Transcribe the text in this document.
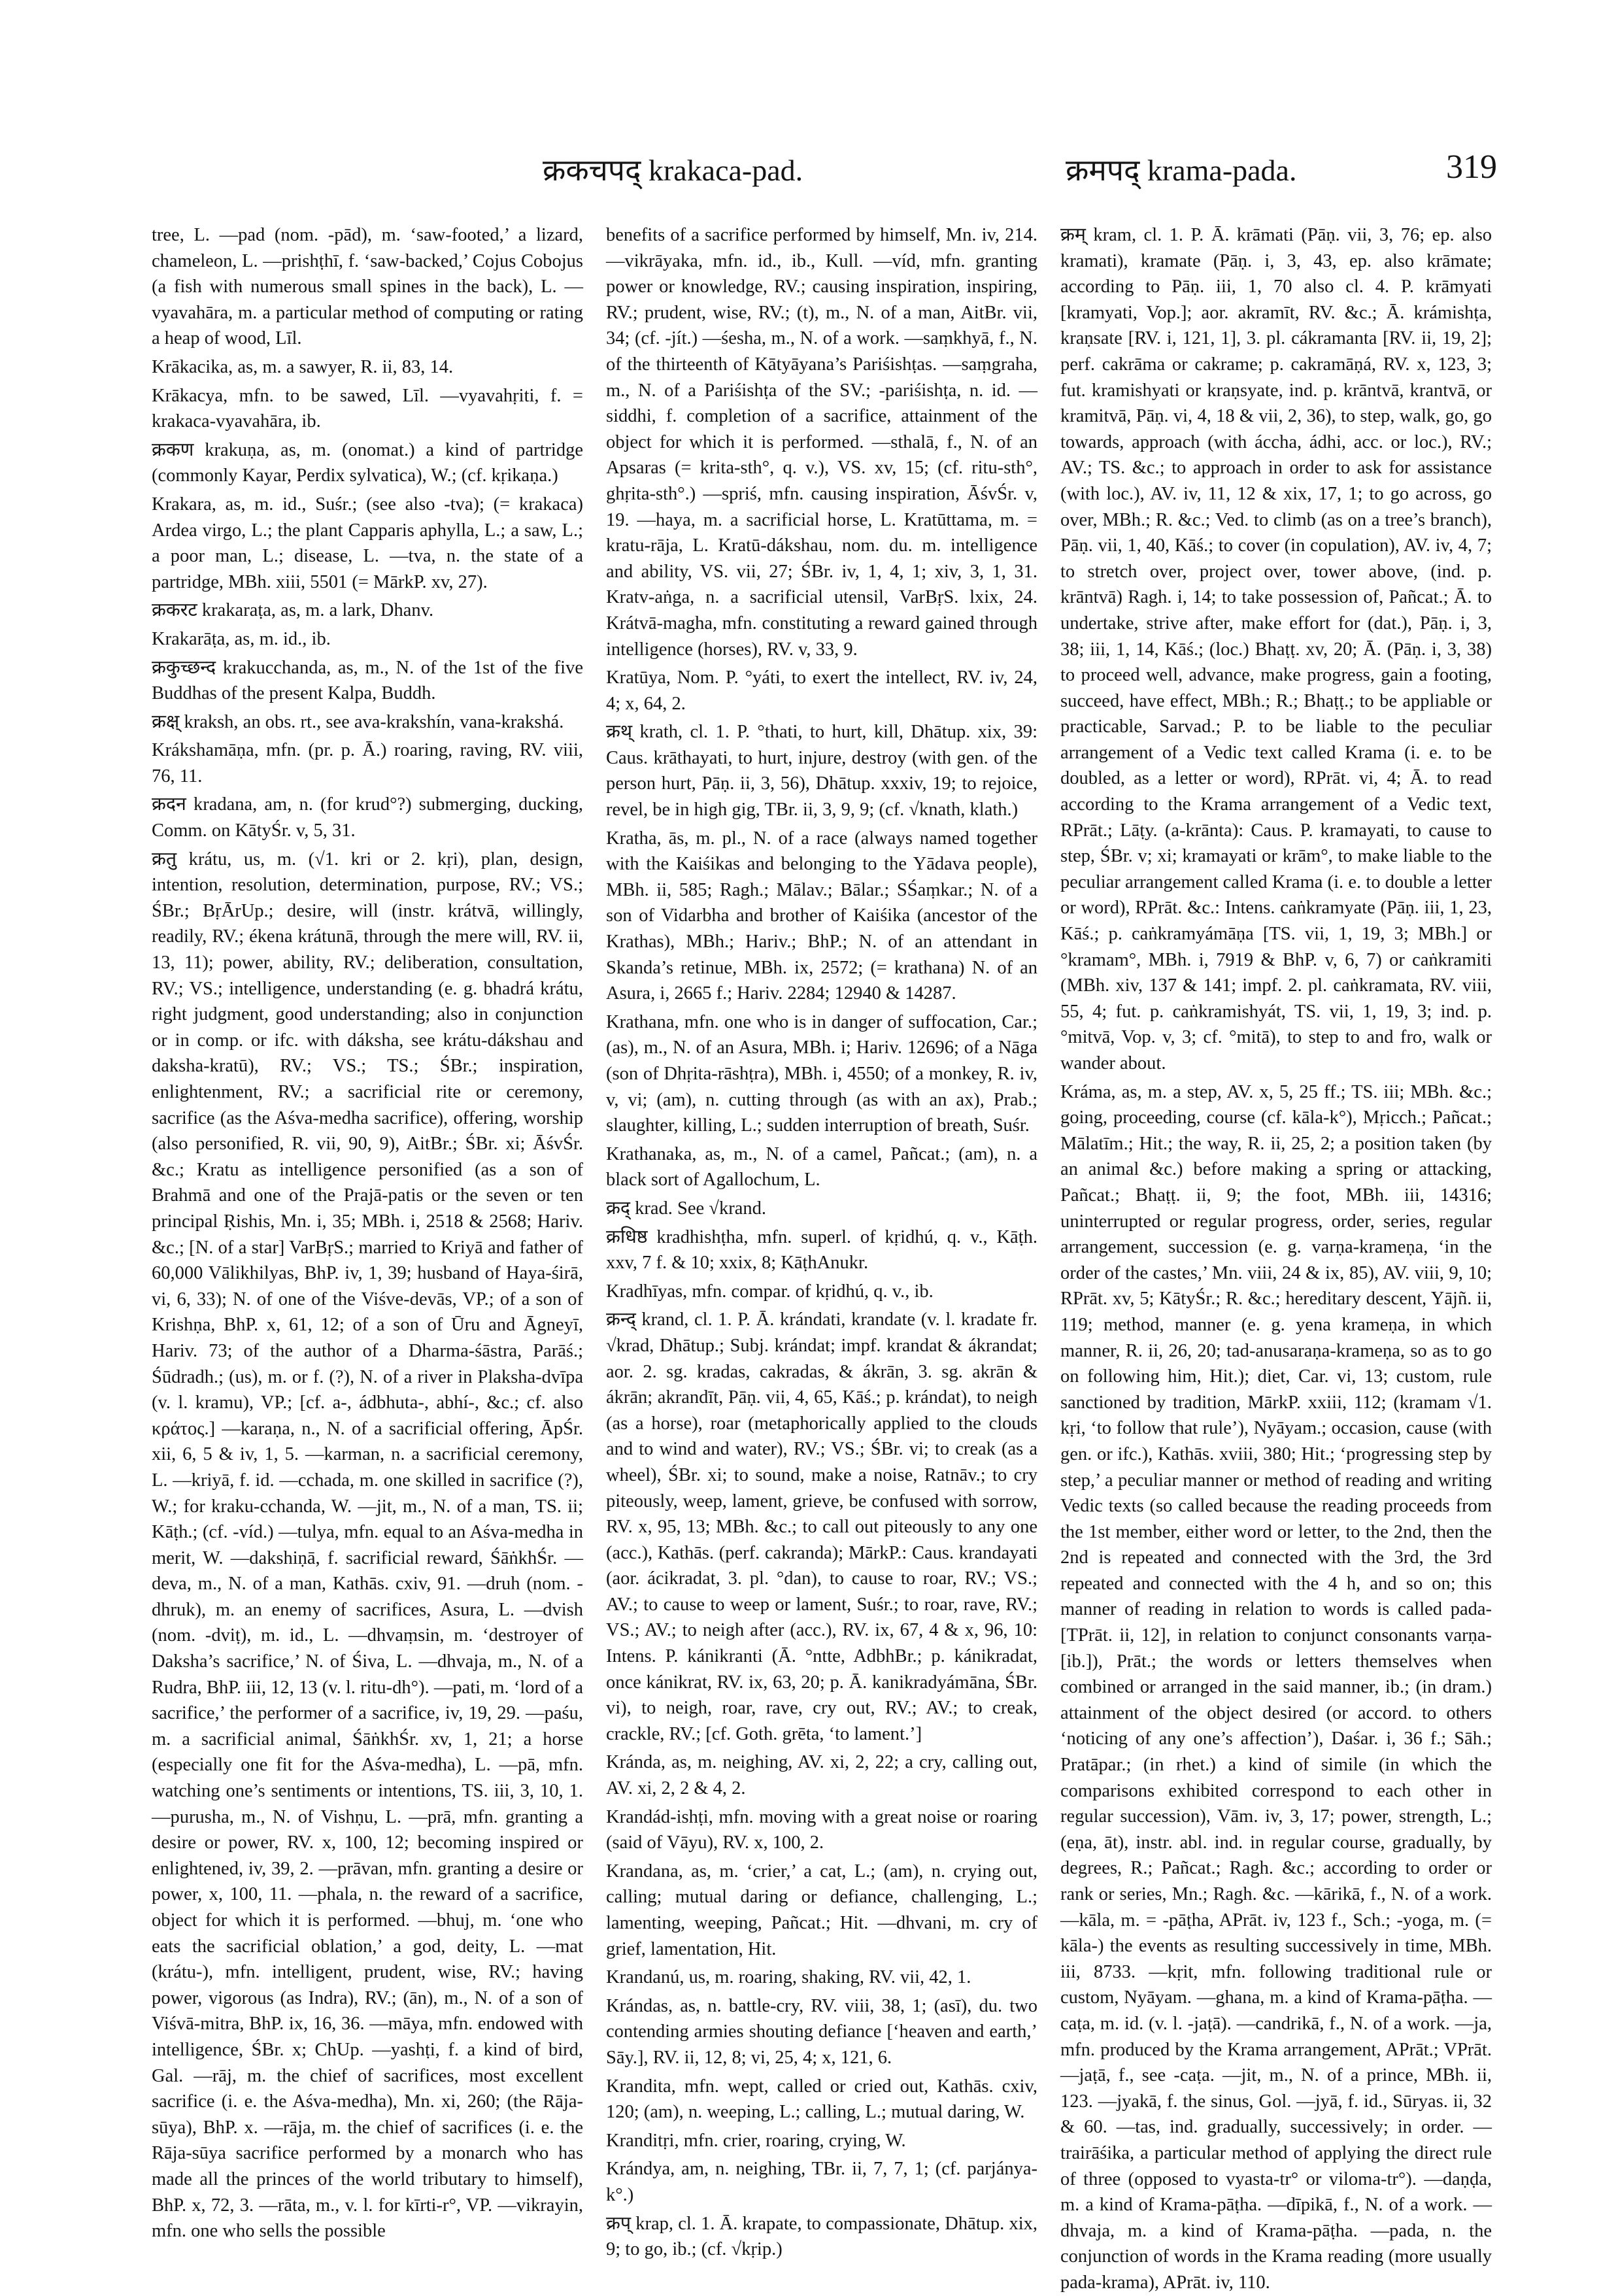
क्रकचपद् krakaca-pad.	क्रमपद् krama-pada.	319

tree, L. —pad (nom. -pād), m. ‘saw-footed,’ a lizard, chameleon, L. —prishṭhī, f. ‘saw-backed,’ Cojus Cobojus (a fish with numerous small spines in the back), L. —vyavahāra, m. a particular method of computing or rating a heap of wood, Līl.

Krākacika, as, m. a sawyer, R. ii, 83, 14.

Krākacya, mfn. to be sawed, Līl. —vyavahṛiti, f. = krakaca-vyavahāra, ib.

क्रकण krakuṇa, as, m. (onomat.) a kind of partridge (commonly Kayar, Perdix sylvatica), W.; (cf. kṛikaṇa.)

Krakara, as, m. id., Suśr.; (see also -tva); (= krakaca) Ardea virgo, L.; the plant Capparis aphylla, L.; a saw, L.; a poor man, L.; disease, L. —tva, n. the state of a partridge, MBh. xiii, 5501 (= MārkP. xv, 27).

क्रकरट krakaraṭa, as, m. a lark, Dhanv.

Krakarāṭa, as, m. id., ib.

क्रकुच्छन्द krakucchanda, as, m., N. of the 1st of the five Buddhas of the present Kalpa, Buddh.

क्रक्ष् kraksh, an obs. rt., see ava-krakshín, vana-krakshá.

Krákshamāṇa, mfn. (pr. p. Ā.) roaring, raving, RV. viii, 76, 11.

क्रदन kradana, am, n. (for krud°?) submerging, ducking, Comm. on KātyŚr. v, 5, 31.

क्रतु krátu, us, m. (√1. kri or 2. kṛi), plan, design, intention, resolution, determination, purpose, RV.; VS.; ŚBr.; BṛĀrUp.; desire, will (instr. krátvā, willingly, readily, RV.; ékena krátunā, through the mere will, RV. ii, 13, 11); power, ability, RV.; deliberation, consultation, RV.; VS.; intelligence, understanding (e. g. bhadrá krátu, right judgment, good understanding; also in conjunction or in comp. or ifc. with dáksha, see krátu-dákshau and daksha-kratū), RV.; VS.; TS.; ŚBr.; inspiration, enlightenment, RV.; a sacrificial rite or ceremony, sacrifice (as the Aśva-medha sacrifice), offering, worship (also personified, R. vii, 90, 9), AitBr.; ŚBr. xi; ĀśvŚr. &c.; Kratu as intelligence personified (as a son of Brahmā and one of the Prajā-patis or the seven or ten principal Ṛishis, Mn. i, 35; MBh. i, 2518 & 2568; Hariv. &c.; [N. of a star] VarBṛS.; married to Kriyā and father of 60,000 Vālikhilyas, BhP. iv, 1, 39; husband of Haya-śirā, vi, 6, 33); N. of one of the Viśve-devās, VP.; of a son of Krishṇa, BhP. x, 61, 12; of a son of Ūru and Āgneyī, Hariv. 73; of the author of a Dharma-śāstra, Parāś.; Śūdradh.; (us), m. or f. (?), N. of a river in Plaksha-dvīpa (v. l. kramu), VP.; [cf. a-, ádbhuta-, abhí-, &c.; cf. also κράτος.] —karaṇa, n., N. of a sacrificial offering, ĀpŚr. xii, 6, 5 & iv, 1, 5. —karman, n. a sacrificial ceremony, L. —kriyā, f. id. —cchada, m. one skilled in sacrifice (?), W.; for kraku-cchanda, W. —jit, m., N. of a man, TS. ii; Kāṭh.; (cf. -víd.) —tulya, mfn. equal to an Aśva-medha in merit, W. —dakshiṇā, f. sacrificial reward, ŚāṅkhŚr. —deva, m., N. of a man, Kathās. cxiv, 91. —druh (nom. -dhruk), m. an enemy of sacrifices, Asura, L. —dvish (nom. -dviṭ), m. id., L. —dhvaṃsin, m. ‘destroyer of Daksha’s sacrifice,’ N. of Śiva, L. —dhvaja, m., N. of a Rudra, BhP. iii, 12, 13 (v. l. ritu-dh°). —pati, m. ‘lord of a sacrifice,’ the performer of a sacrifice, iv, 19, 29. —paśu, m. a sacrificial animal, ŚāṅkhŚr. xv, 1, 21; a horse (especially one fit for the Aśva-medha), L. —pā, mfn. watching one’s sentiments or intentions, TS. iii, 3, 10, 1. —purusha, m., N. of Vishṇu, L. —prā, mfn. granting a desire or power, RV. x, 100, 12; becoming inspired or enlightened, iv, 39, 2. —prāvan, mfn. granting a desire or power, x, 100, 11. —phala, n. the reward of a sacrifice, object for which it is performed. —bhuj, m. ‘one who eats the sacrificial oblation,’ a god, deity, L. —mat (krátu-), mfn. intelligent, prudent, wise, RV.; having power, vigorous (as Indra), RV.; (ān), m., N. of a son of Viśvā-mitra, BhP. ix, 16, 36. —māya, mfn. endowed with intelligence, ŚBr. x; ChUp. —yashṭi, f. a kind of bird, Gal. —rāj, m. the chief of sacrifices, most excellent sacrifice (i. e. the Aśva-medha), Mn. xi, 260; (the Rāja-sūya), BhP. x. —rāja, m. the chief of sacrifices (i. e. the Rāja-sūya sacrifice performed by a monarch who has made all the princes of the world tributary to himself), BhP. x, 72, 3. —rāta, m., v. l. for kīrti-r°, VP. —vikrayin, mfn. one who sells the possible

benefits of a sacrifice performed by himself, Mn. iv, 214. —vikrāyaka, mfn. id., ib., Kull. —víd, mfn. granting power or knowledge, RV.; causing inspiration, inspiring, RV.; prudent, wise, RV.; (t), m., N. of a man, AitBr. vii, 34; (cf. -jít.) —śesha, m., N. of a work. —saṃkhyā, f., N. of the thirteenth of Kātyāyana’s Pariśishṭas. —saṃgraha, m., N. of a Pariśishṭa of the SV.; -pariśishṭa, n. id. —siddhi, f. completion of a sacrifice, attainment of the object for which it is performed. —sthalā, f., N. of an Apsaras (= krita-sth°, q. v.), VS. xv, 15; (cf. ritu-sth°, ghṛita-sth°.) —spriś, mfn. causing inspiration, ĀśvŚr. v, 19. —haya, m. a sacrificial horse, L. Kratūttama, m. = kratu-rāja, L. Kratū-dákshau, nom. du. m. intelligence and ability, VS. vii, 27; ŚBr. iv, 1, 4, 1; xiv, 3, 1, 31. Kratv-aṅga, n. a sacrificial utensil, VarBṛS. lxix, 24. Krátvā-magha, mfn. constituting a reward gained through intelligence (horses), RV. v, 33, 9.

Kratūya, Nom. P. °yáti, to exert the intellect, RV. iv, 24, 4; x, 64, 2.

क्रथ् krath, cl. 1. P. °thati, to hurt, kill, Dhātup. xix, 39: Caus. krāthayati, to hurt, injure, destroy (with gen. of the person hurt, Pāṇ. ii, 3, 56), Dhātup. xxxiv, 19; to rejoice, revel, be in high gig, TBr. ii, 3, 9, 9; (cf. √knath, klath.)

Kratha, ās, m. pl., N. of a race (always named together with the Kaiśikas and belonging to the Yādava people), MBh. ii, 585; Ragh.; Mālav.; Bālar.; SŚaṃkar.; N. of a son of Vidarbha and brother of Kaiśika (ancestor of the Krathas), MBh.; Hariv.; BhP.; N. of an attendant in Skanda’s retinue, MBh. ix, 2572; (= krathana) N. of an Asura, i, 2665 f.; Hariv. 2284; 12940 & 14287.

Krathana, mfn. one who is in danger of suffocation, Car.; (as), m., N. of an Asura, MBh. i; Hariv. 12696; of a Nāga (son of Dhṛita-rāshṭra), MBh. i, 4550; of a monkey, R. iv, v, vi; (am), n. cutting through (as with an ax), Prab.; slaughter, killing, L.; sudden interruption of breath, Suśr.

Krathanaka, as, m., N. of a camel, Pañcat.; (am), n. a black sort of Agallochum, L.

क्रद् krad. See √krand.

क्रधिष्ठ kradhishṭha, mfn. superl. of kṛidhú, q. v., Kāṭh. xxv, 7 f. & 10; xxix, 8; KāṭhAnukr.

Kradhīyas, mfn. compar. of kṛidhú, q. v., ib.

क्रन्द् krand, cl. 1. P. Ā. krándati, krandate (v. l. kradate fr. √krad, Dhātup.; Subj. krándat; impf. krandat & ákrandat; aor. 2. sg. kradas, cakradas, & ákrān, 3. sg. akrān & ákrān; akrandīt, Pāṇ. vii, 4, 65, Kāś.; p. krándat), to neigh (as a horse), roar (metaphorically applied to the clouds and to wind and water), RV.; VS.; ŚBr. vi; to creak (as a wheel), ŚBr. xi; to sound, make a noise, Ratnāv.; to cry piteously, weep, lament, grieve, be confused with sorrow, RV. x, 95, 13; MBh. &c.; to call out piteously to any one (acc.), Kathās. (perf. cakranda); MārkP.: Caus. krandayati (aor. ácikradat, 3. pl. °dan), to cause to roar, RV.; VS.; AV.; to cause to weep or lament, Suśr.; to roar, rave, RV.; VS.; AV.; to neigh after (acc.), RV. ix, 67, 4 & x, 96, 10: Intens. P. kánikranti (Ā. °ntte, AdbhBr.; p. kánikradat, once kánikrat, RV. ix, 63, 20; p. Ā. kanikradyámāna, ŚBr. vi), to neigh, roar, rave, cry out, RV.; AV.; to creak, crackle, RV.; [cf. Goth. grēta, ‘to lament.’]

Kránda, as, m. neighing, AV. xi, 2, 22; a cry, calling out, AV. xi, 2, 2 & 4, 2.

Krandád-ishṭi, mfn. moving with a great noise or roaring (said of Vāyu), RV. x, 100, 2.

Krandana, as, m. ‘crier,’ a cat, L.; (am), n. crying out, calling; mutual daring or defiance, challenging, L.; lamenting, weeping, Pañcat.; Hit. —dhvani, m. cry of grief, lamentation, Hit.

Krandanú, us, m. roaring, shaking, RV. vii, 42, 1.

Krándas, as, n. battle-cry, RV. viii, 38, 1; (asī), du. two contending armies shouting defiance [‘heaven and earth,’ Sāy.], RV. ii, 12, 8; vi, 25, 4; x, 121, 6.

Krandita, mfn. wept, called or cried out, Kathās. cxiv, 120; (am), n. weeping, L.; calling, L.; mutual daring, W.

Kranditṛi, mfn. crier, roaring, crying, W.

Krándya, am, n. neighing, TBr. ii, 7, 7, 1; (cf. parjánya-k°.)

क्रप् krap, cl. 1. Ā. krapate, to compassionate, Dhātup. xix, 9; to go, ib.; (cf. √kṛip.)

क्रम् kram, cl. 1. P. Ā. krāmati (Pāṇ. vii, 3, 76; ep. also kramati), kramate (Pāṇ. i, 3, 43, ep. also krāmate; according to Pāṇ. iii, 1, 70 also cl. 4. P. krāmyati [kramyati, Vop.]; aor. akramīt, RV. &c.; Ā. krámishṭa, kraṇsate [RV. i, 121, 1], 3. pl. cákramanta [RV. ii, 19, 2]; perf. cakrāma or cakrame; p. cakramāṇá, RV. x, 123, 3; fut. kramishyati or kraṇsyate, ind. p. krāntvā, krantvā, or kramitvā, Pāṇ. vi, 4, 18 & vii, 2, 36), to step, walk, go, go towards, approach (with áccha, ádhi, acc. or loc.), RV.; AV.; TS. &c.; to approach in order to ask for assistance (with loc.), AV. iv, 11, 12 & xix, 17, 1; to go across, go over, MBh.; R. &c.; Ved. to climb (as on a tree’s branch), Pāṇ. vii, 1, 40, Kāś.; to cover (in copulation), AV. iv, 4, 7; to stretch over, project over, tower above, (ind. p. krāntvā) Ragh. i, 14; to take possession of, Pañcat.; Ā. to undertake, strive after, make effort for (dat.), Pāṇ. i, 3, 38; iii, 1, 14, Kāś.; (loc.) Bhaṭṭ. xv, 20; Ā. (Pāṇ. i, 3, 38) to proceed well, advance, make progress, gain a footing, succeed, have effect, MBh.; R.; Bhaṭṭ.; to be appliable or practicable, Sarvad.; P. to be liable to the peculiar arrangement of a Vedic text called Krama (i. e. to be doubled, as a letter or word), RPrāt. vi, 4; Ā. to read according to the Krama arrangement of a Vedic text, RPrāt.; Lāṭy. (a-krānta): Caus. P. kramayati, to cause to step, ŚBr. v; xi; kramayati or krām°, to make liable to the peculiar arrangement called Krama (i. e. to double a letter or word), RPrāt. &c.: Intens. caṅkramyate (Pāṇ. iii, 1, 23, Kāś.; p. caṅkramyámāṇa [TS. vii, 1, 19, 3; MBh.] or °kramam°, MBh. i, 7919 & BhP. v, 6, 7) or caṅkramiti (MBh. xiv, 137 & 141; impf. 2. pl. caṅkramata, RV. viii, 55, 4; fut. p. caṅkramishyát, TS. vii, 1, 19, 3; ind. p. °mitvā, Vop. v, 3; cf. °mitā), to step to and fro, walk or wander about.

Kráma, as, m. a step, AV. x, 5, 25 ff.; TS. iii; MBh. &c.; going, proceeding, course (cf. kāla-k°), Mṛicch.; Pañcat.; Mālatīm.; Hit.; the way, R. ii, 25, 2; a position taken (by an animal &c.) before making a spring or attacking, Pañcat.; Bhaṭṭ. ii, 9; the foot, MBh. iii, 14316; uninterrupted or regular progress, order, series, regular arrangement, succession (e. g. varṇa-krameṇa, ‘in the order of the castes,’ Mn. viii, 24 & ix, 85), AV. viii, 9, 10; RPrāt. xv, 5; KātyŚr.; R. &c.; hereditary descent, Yājñ. ii, 119; method, manner (e. g. yena krameṇa, in which manner, R. ii, 26, 20; tad-anusaraṇa-krameṇa, so as to go on following him, Hit.); diet, Car. vi, 13; custom, rule sanctioned by tradition, MārkP. xxiii, 112; (kramam √1. kṛi, ‘to follow that rule’), Nyāyam.; occasion, cause (with gen. or ifc.), Kathās. xviii, 380; Hit.; ‘progressing step by step,’ a peculiar manner or method of reading and writing Vedic texts (so called because the reading proceeds from the 1st member, either word or letter, to the 2nd, then the 2nd is repeated and connected with the 3rd, the 3rd repeated and connected with the 4 h, and so on; this manner of reading in relation to words is called pada- [TPrāt. ii, 12], in relation to conjunct consonants varṇa- [ib.]), Prāt.; the words or letters themselves when combined or arranged in the said manner, ib.; (in dram.) attainment of the object desired (or accord. to others ‘noticing of any one’s affection’), Daśar. i, 36 f.; Sāh.; Pratāpar.; (in rhet.) a kind of simile (in which the comparisons exhibited correspond to each other in regular succession), Vām. iv, 3, 17; power, strength, L.; (eṇa, āt), instr. abl. ind. in regular course, gradually, by degrees, R.; Pañcat.; Ragh. &c.; according to order or rank or series, Mn.; Ragh. &c. —kārikā, f., N. of a work. —kāla, m. = -pāṭha, APrāt. iv, 123 f., Sch.; -yoga, m. (= kāla-) the events as resulting successively in time, MBh. iii, 8733. —kṛit, mfn. following traditional rule or custom, Nyāyam. —ghana, m. a kind of Krama-pāṭha. —caṭa, m. id. (v. l. -jaṭā). —candrikā, f., N. of a work. —ja, mfn. produced by the Krama arrangement, APrāt.; VPrāt. —jaṭā, f., see -caṭa. —jit, m., N. of a prince, MBh. ii, 123. —jyakā, f. the sinus, Gol. —jyā, f. id., Sūryas. ii, 32 & 60. —tas, ind. gradually, successively; in order. —trairāśika, a particular method of applying the direct rule of three (opposed to vyasta-tr° or viloma-tr°). —daṇḍa, m. a kind of Krama-pāṭha. —dīpikā, f., N. of a work. —dhvaja, m. a kind of Krama-pāṭha. —pada, n. the conjunction of words in the Krama reading (more usually pada-krama), APrāt. iv, 110.
